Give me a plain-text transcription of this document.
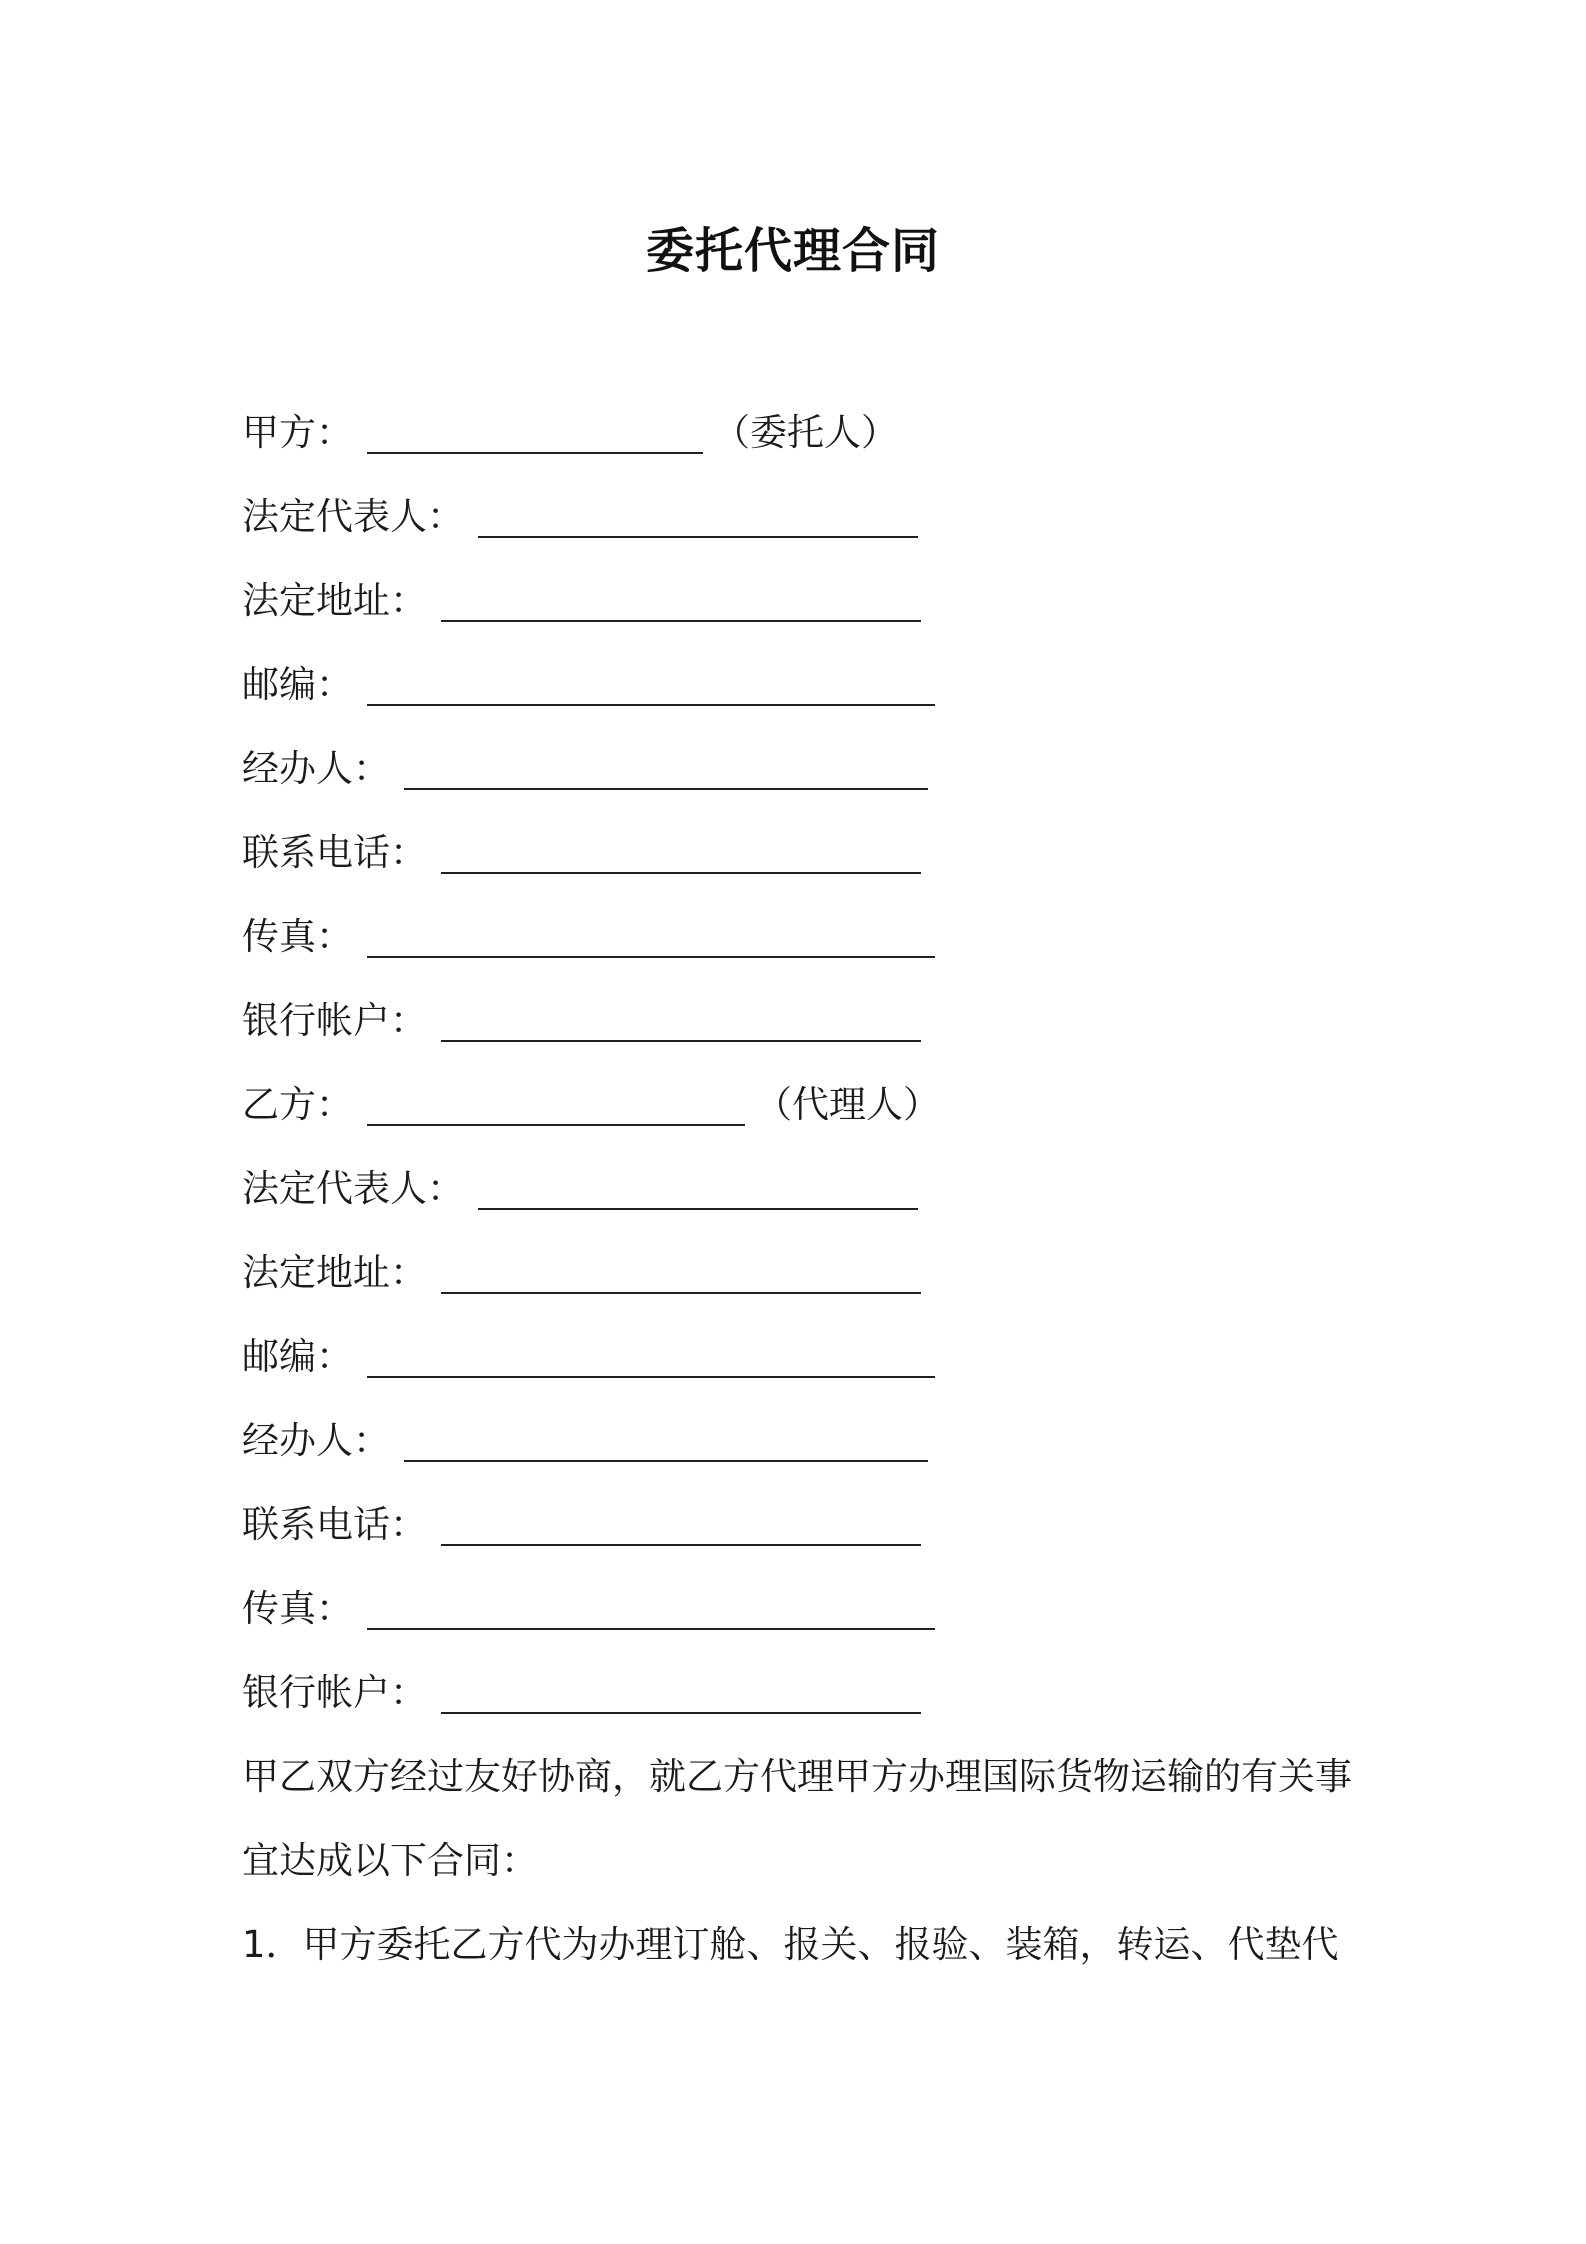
委托代理合同
甲方：	（委托人）
法定代表人：
法定地址：
邮编：
经办人：
联系电话：
传真：
银行帐户：
乙方：	（代理人）
法定代表人：
法定地址：
邮编：
经办人：
联系电话：
传真：
银行帐户：
甲乙双方经过友好协商，就乙方代理甲方办理国际货物运输的有关事
宜达成以下合同：
1．甲方委托乙方代为办理订舱、报关、报验、装箱，转运、代垫代
